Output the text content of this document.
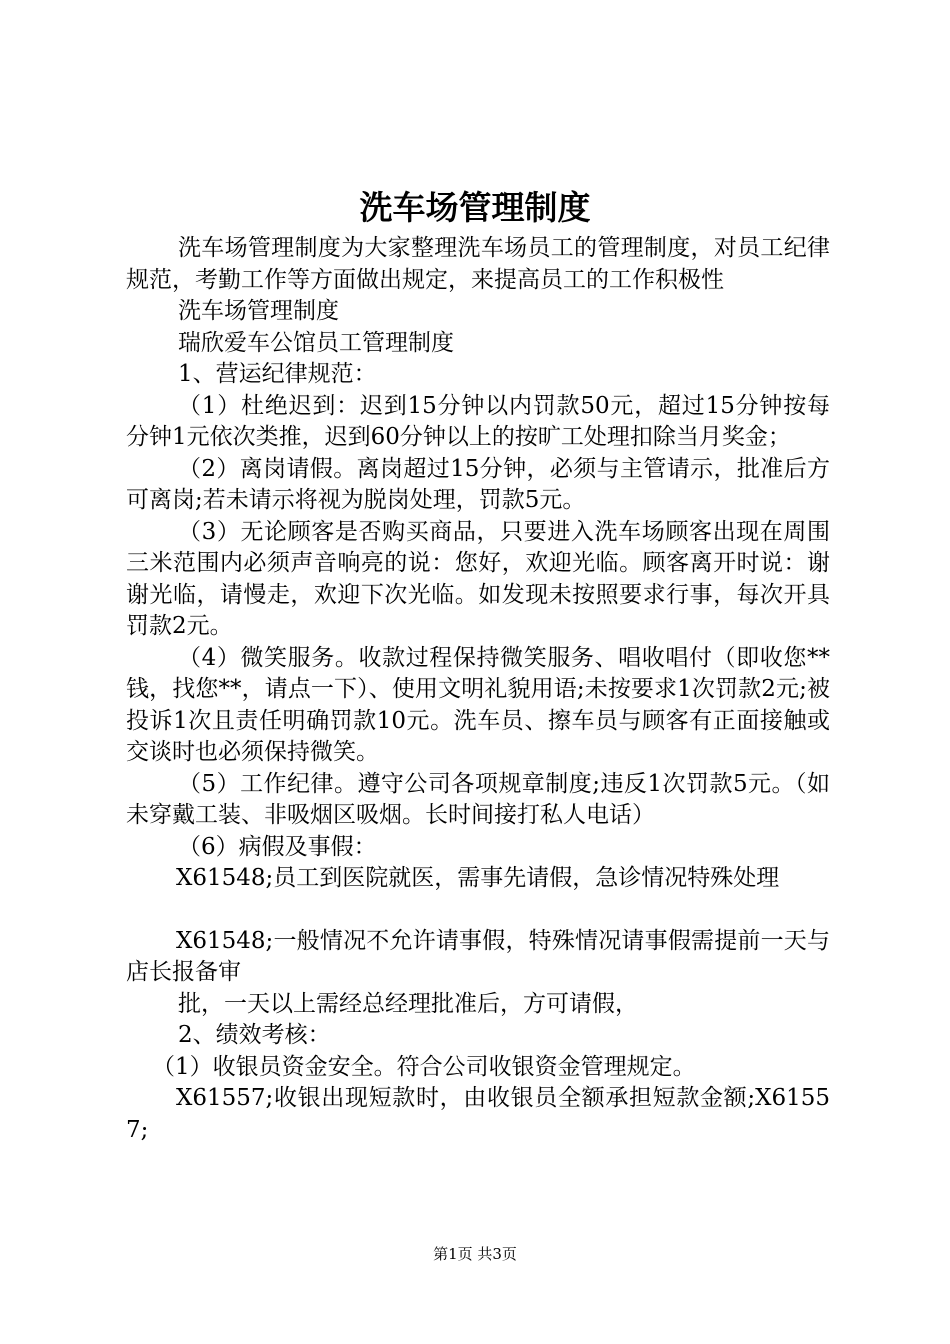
洗车场管理制度

洗车场管理制度为大家整理洗车场员工的管理制度，对员工纪律规范，考勤工作等方面做出规定，来提高员工的工作积极性

洗车场管理制度

瑞欣爱车公馆员工管理制度

1、营运纪律规范：

（1）杜绝迟到：迟到15分钟以内罚款50元，超过15分钟按每分钟1元依次类推，迟到60分钟以上的按旷工处理扣除当月奖金；

（2）离岗请假。离岗超过15分钟，必须与主管请示，批准后方可离岗;若未请示将视为脱岗处理，罚款5元。

（3）无论顾客是否购买商品，只要进入洗车场顾客出现在周围三米范围内必须声音响亮的说：您好，欢迎光临。顾客离开时说：谢谢光临，请慢走，欢迎下次光临。如发现未按照要求行事，每次开具罚款2元。

（4）微笑服务。收款过程保持微笑服务、唱收唱付（即收您**钱，找您**，请点一下）、使用文明礼貌用语;未按要求1次罚款2元;被投诉1次且责任明确罚款10元。洗车员、擦车员与顾客有正面接触或交谈时也必须保持微笑。

（5）工作纪律。遵守公司各项规章制度;违反1次罚款5元。（如未穿戴工装、非吸烟区吸烟。长时间接打私人电话）

（6）病假及事假：

X61548;员工到医院就医，需事先请假，急诊情况特殊处理

X61548;一般情况不允许请事假，特殊情况请事假需提前一天与店长报备审

批，一天以上需经总经理批准后，方可请假，

2、绩效考核：

（1）收银员资金安全。符合公司收银资金管理规定。

X61557;收银出现短款时，由收银员全额承担短款金额;X61557;

第1页 共3页
